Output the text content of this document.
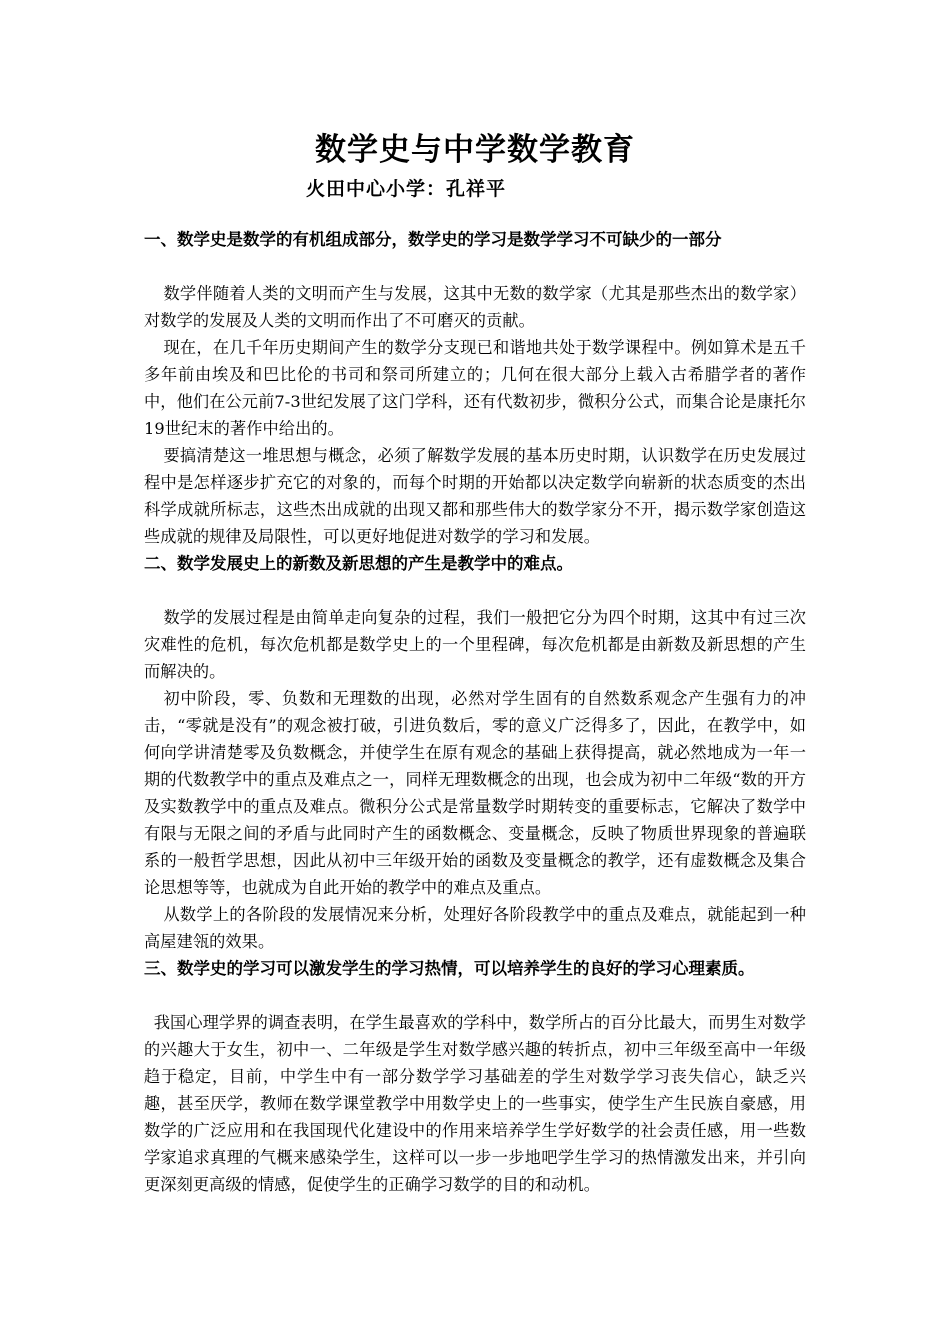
数学史与中学数学教育

火田中心小学：孔祥平

一、数学史是数学的有机组成部分，数学史的学习是数学学习不可缺少的一部分

数学伴随着人类的文明而产生与发展，这其中无数的数学家（尤其是那些杰出的数学家）对数学的发展及人类的文明而作出了不可磨灭的贡献。

现在，在几千年历史期间产生的数学分支现已和谐地共处于数学课程中。例如算术是五千多年前由埃及和巴比伦的书司和祭司所建立的；几何在很大部分上载入古希腊学者的著作中，他们在公元前7-3世纪发展了这门学科，还有代数初步，微积分公式，而集合论是康托尔19世纪末的著作中给出的。

要搞清楚这一堆思想与概念，必须了解数学发展的基本历史时期，认识数学在历史发展过程中是怎样逐步扩充它的对象的，而每个时期的开始都以决定数学向崭新的状态质变的杰出科学成就所标志，这些杰出成就的出现又都和那些伟大的数学家分不开，揭示数学家创造这些成就的规律及局限性，可以更好地促进对数学的学习和发展。

二、数学发展史上的新数及新思想的产生是教学中的难点。

数学的发展过程是由简单走向复杂的过程，我们一般把它分为四个时期，这其中有过三次灾难性的危机，每次危机都是数学史上的一个里程碑，每次危机都是由新数及新思想的产生而解决的。

初中阶段，零、负数和无理数的出现，必然对学生固有的自然数系观念产生强有力的冲击，“零就是没有”的观念被打破，引进负数后，零的意义广泛得多了，因此，在教学中，如何向学讲清楚零及负数概念，并使学生在原有观念的基础上获得提高，就必然地成为一年一期的代数教学中的重点及难点之一，同样无理数概念的出现，也会成为初中二年级“数的开方及实数教学中的重点及难点。微积分公式是常量数学时期转变的重要标志，它解决了数学中有限与无限之间的矛盾与此同时产生的函数概念、变量概念，反映了物质世界现象的普遍联系的一般哲学思想，因此从初中三年级开始的函数及变量概念的教学，还有虚数概念及集合论思想等等，也就成为自此开始的教学中的难点及重点。

从数学上的各阶段的发展情况来分析，处理好各阶段教学中的重点及难点，就能起到一种高屋建瓴的效果。

三、数学史的学习可以激发学生的学习热情，可以培养学生的良好的学习心理素质。

我国心理学界的调查表明，在学生最喜欢的学科中，数学所占的百分比最大，而男生对数学的兴趣大于女生，初中一、二年级是学生对数学感兴趣的转折点，初中三年级至高中一年级趋于稳定，目前，中学生中有一部分数学学习基础差的学生对数学学习丧失信心，缺乏兴趣，甚至厌学，教师在数学课堂教学中用数学史上的一些事实，使学生产生民族自豪感，用数学的广泛应用和在我国现代化建设中的作用来培养学生学好数学的社会责任感，用一些数学家追求真理的气概来感染学生，这样可以一步一步地吧学生学习的热情激发出来，并引向更深刻更高级的情感，促使学生的正确学习数学的目的和动机。
